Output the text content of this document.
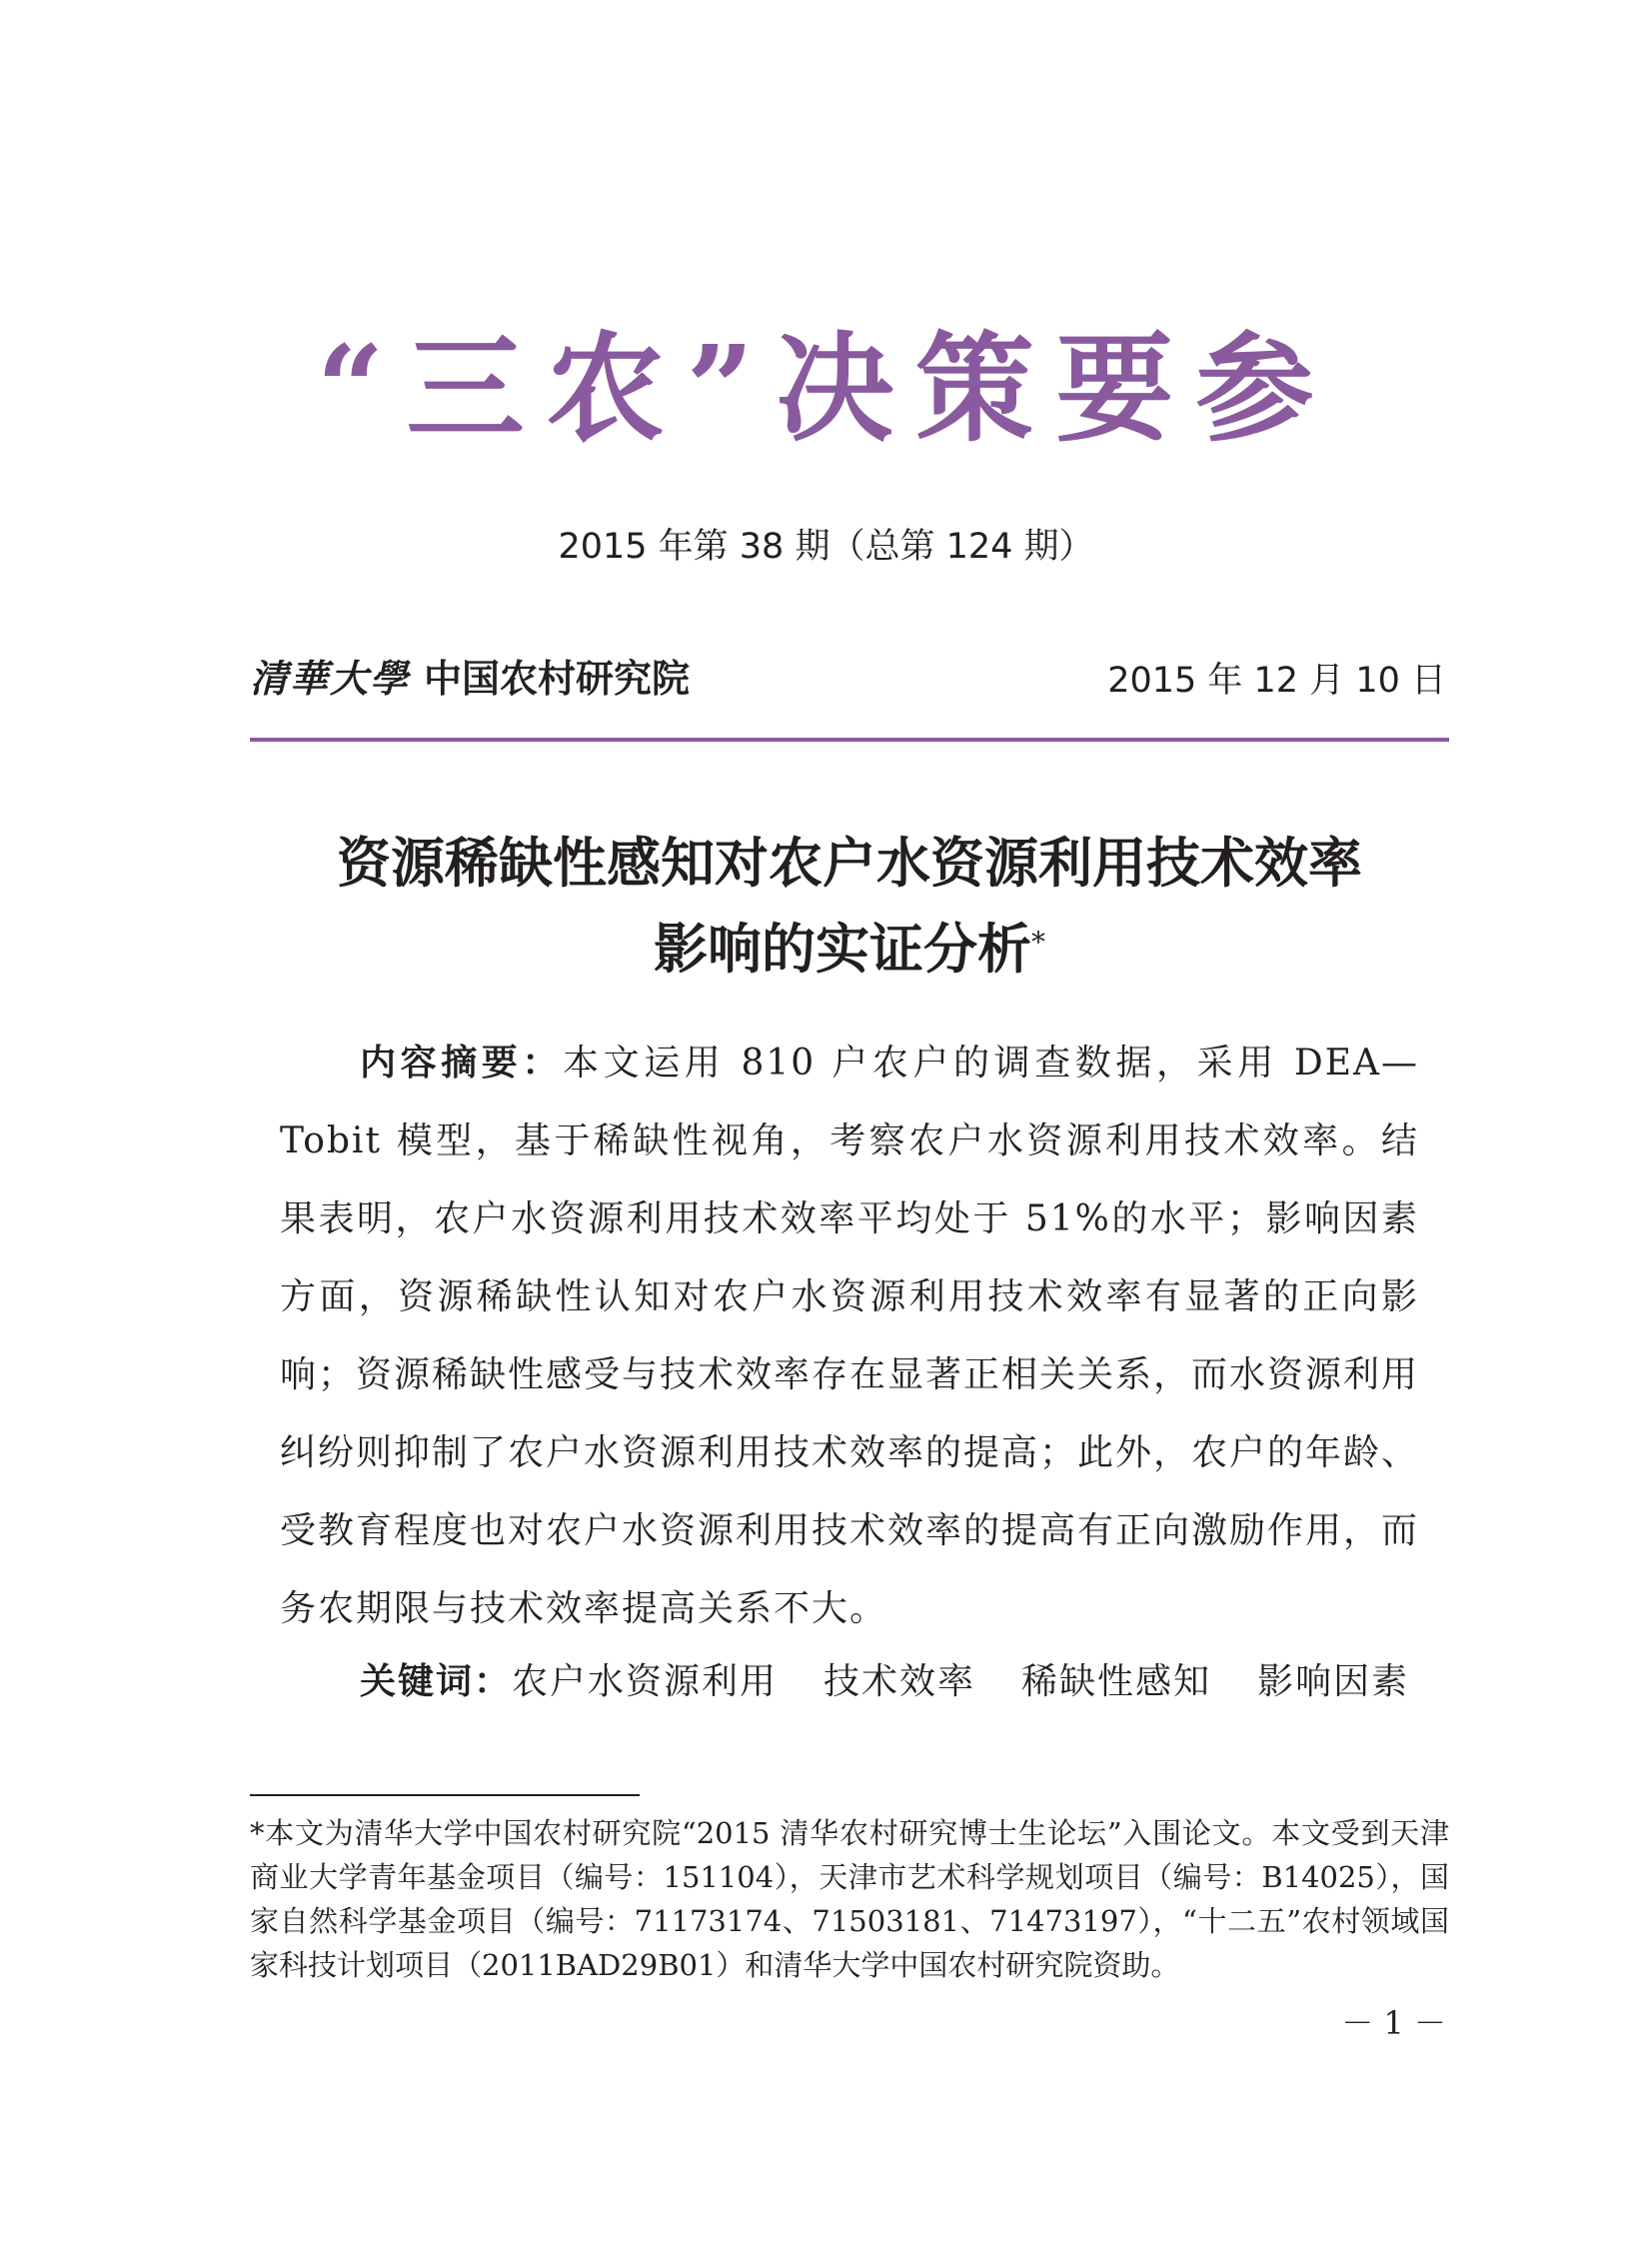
“三农”决策要参
2015 年第 38 期（总第 124 期）
清華大學 中国农村研究院	2015 年 12 月 10 日
资源稀缺性感知对农户水资源利用技术效率
影响的实证分析*
内容摘要：本文运用 810 户农户的调查数据，采用 DEA—Tobit 模型，基于稀缺性视角，考察农户水资源利用技术效率。结果表明，农户水资源利用技术效率平均处于 51%的水平；影响因素方面，资源稀缺性认知对农户水资源利用技术效率有显著的正向影响；资源稀缺性感受与技术效率存在显著正相关关系，而水资源利用纠纷则抑制了农户水资源利用技术效率的提高；此外，农户的年龄、受教育程度也对农户水资源利用技术效率的提高有正向激励作用，而务农期限与技术效率提高关系不大。
关键词：农户水资源利用 技术效率 稀缺性感知 影响因素
*本文为清华大学中国农村研究院“2015 清华农村研究博士生论坛”入围论文。本文受到天津商业大学青年基金项目（编号：151104），天津市艺术科学规划项目（编号：B14025），国家自然科学基金项目（编号：71173174、71503181、71473197），“十二五”农村领域国家科技计划项目（2011BAD29B01）和清华大学中国农村研究院资助。
－ 1 －
